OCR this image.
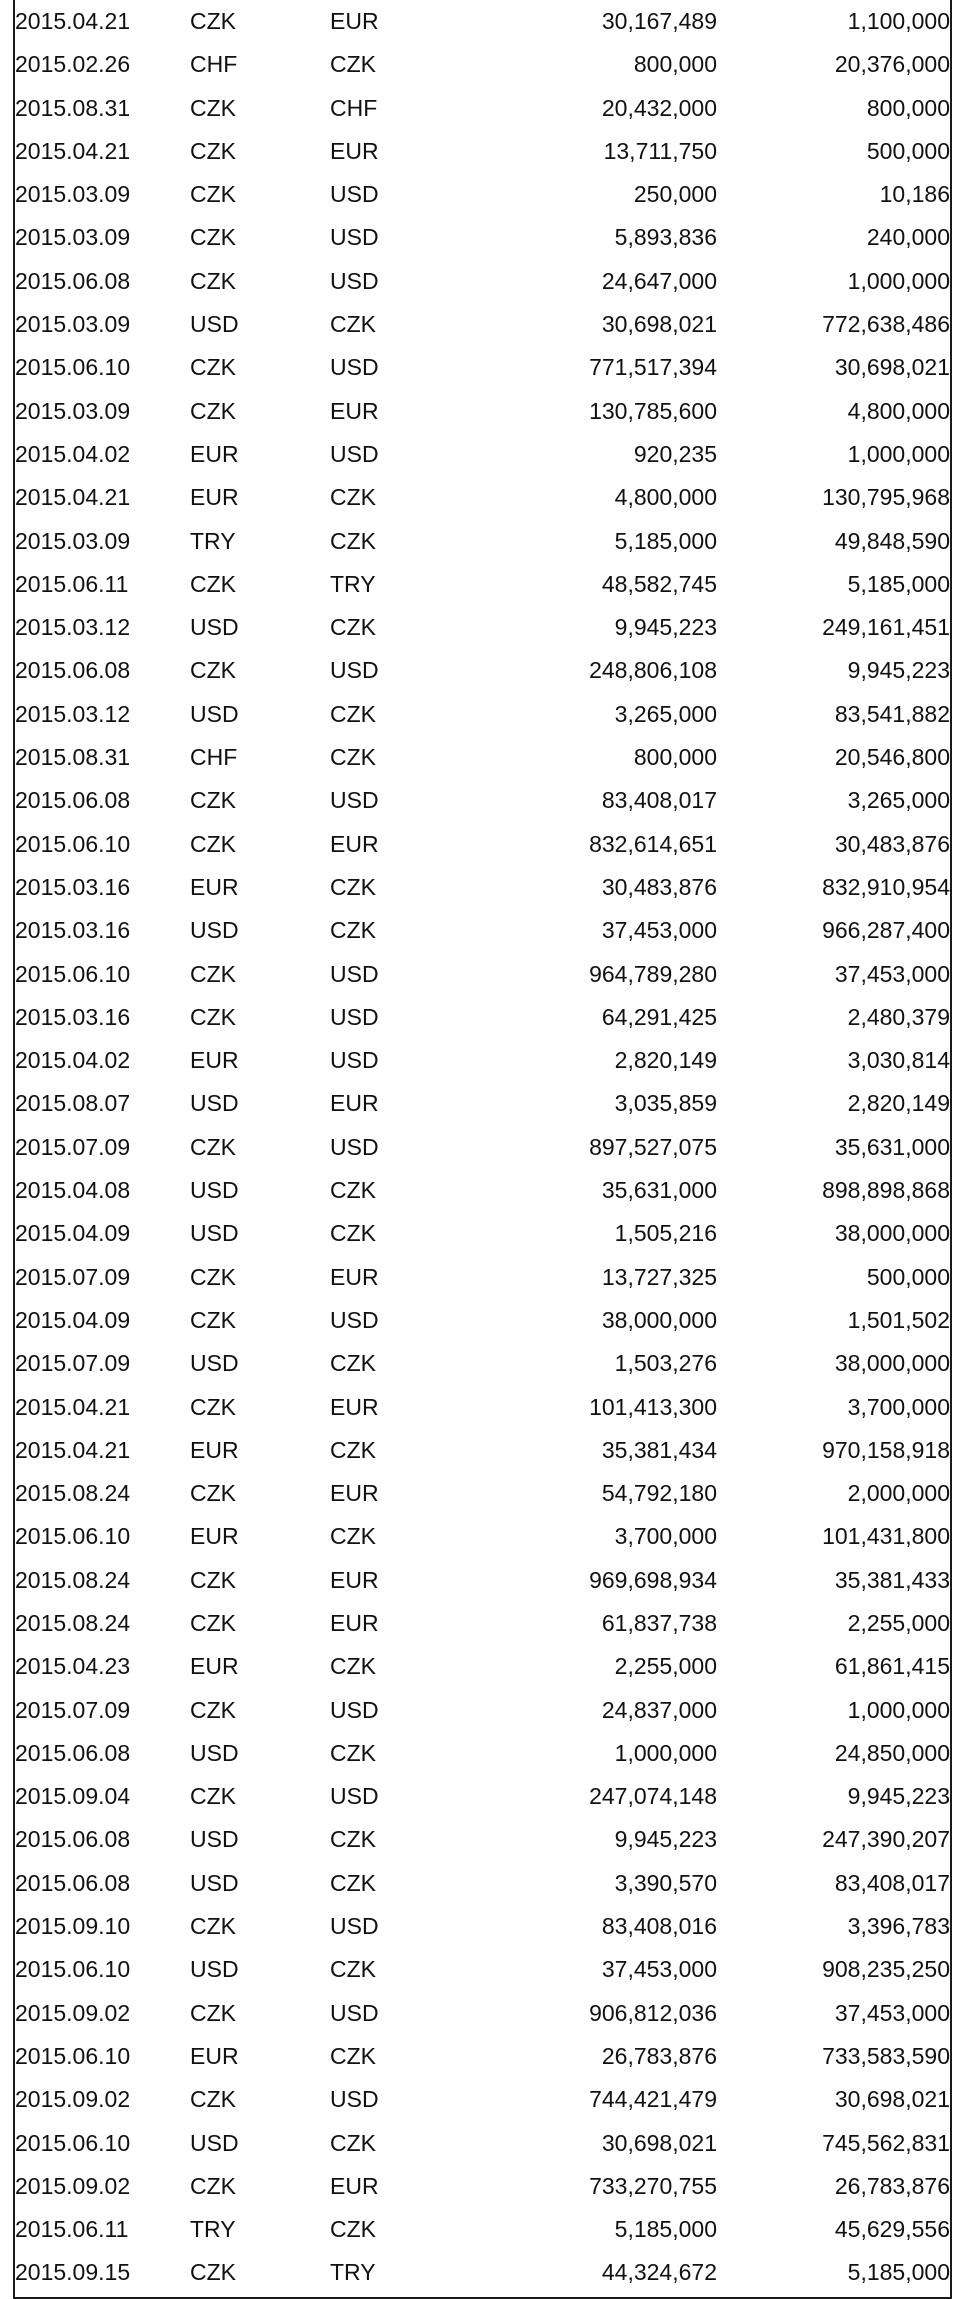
2015.04.21	CZK	EUR	30,167,489	1,100,000
2015.02.26	CHF	CZK	800,000	20,376,000
2015.08.31	CZK	CHF	20,432,000	800,000
2015.04.21	CZK	EUR	13,711,750	500,000
2015.03.09	CZK	USD	250,000	10,186
2015.03.09	CZK	USD	5,893,836	240,000
2015.06.08	CZK	USD	24,647,000	1,000,000
2015.03.09	USD	CZK	30,698,021	772,638,486
2015.06.10	CZK	USD	771,517,394	30,698,021
2015.03.09	CZK	EUR	130,785,600	4,800,000
2015.04.02	EUR	USD	920,235	1,000,000
2015.04.21	EUR	CZK	4,800,000	130,795,968
2015.03.09	TRY	CZK	5,185,000	49,848,590
2015.06.11	CZK	TRY	48,582,745	5,185,000
2015.03.12	USD	CZK	9,945,223	249,161,451
2015.06.08	CZK	USD	248,806,108	9,945,223
2015.03.12	USD	CZK	3,265,000	83,541,882
2015.08.31	CHF	CZK	800,000	20,546,800
2015.06.08	CZK	USD	83,408,017	3,265,000
2015.06.10	CZK	EUR	832,614,651	30,483,876
2015.03.16	EUR	CZK	30,483,876	832,910,954
2015.03.16	USD	CZK	37,453,000	966,287,400
2015.06.10	CZK	USD	964,789,280	37,453,000
2015.03.16	CZK	USD	64,291,425	2,480,379
2015.04.02	EUR	USD	2,820,149	3,030,814
2015.08.07	USD	EUR	3,035,859	2,820,149
2015.07.09	CZK	USD	897,527,075	35,631,000
2015.04.08	USD	CZK	35,631,000	898,898,868
2015.04.09	USD	CZK	1,505,216	38,000,000
2015.07.09	CZK	EUR	13,727,325	500,000
2015.04.09	CZK	USD	38,000,000	1,501,502
2015.07.09	USD	CZK	1,503,276	38,000,000
2015.04.21	CZK	EUR	101,413,300	3,700,000
2015.04.21	EUR	CZK	35,381,434	970,158,918
2015.08.24	CZK	EUR	54,792,180	2,000,000
2015.06.10	EUR	CZK	3,700,000	101,431,800
2015.08.24	CZK	EUR	969,698,934	35,381,433
2015.08.24	CZK	EUR	61,837,738	2,255,000
2015.04.23	EUR	CZK	2,255,000	61,861,415
2015.07.09	CZK	USD	24,837,000	1,000,000
2015.06.08	USD	CZK	1,000,000	24,850,000
2015.09.04	CZK	USD	247,074,148	9,945,223
2015.06.08	USD	CZK	9,945,223	247,390,207
2015.06.08	USD	CZK	3,390,570	83,408,017
2015.09.10	CZK	USD	83,408,016	3,396,783
2015.06.10	USD	CZK	37,453,000	908,235,250
2015.09.02	CZK	USD	906,812,036	37,453,000
2015.06.10	EUR	CZK	26,783,876	733,583,590
2015.09.02	CZK	USD	744,421,479	30,698,021
2015.06.10	USD	CZK	30,698,021	745,562,831
2015.09.02	CZK	EUR	733,270,755	26,783,876
2015.06.11	TRY	CZK	5,185,000	45,629,556
2015.09.15	CZK	TRY	44,324,672	5,185,000
